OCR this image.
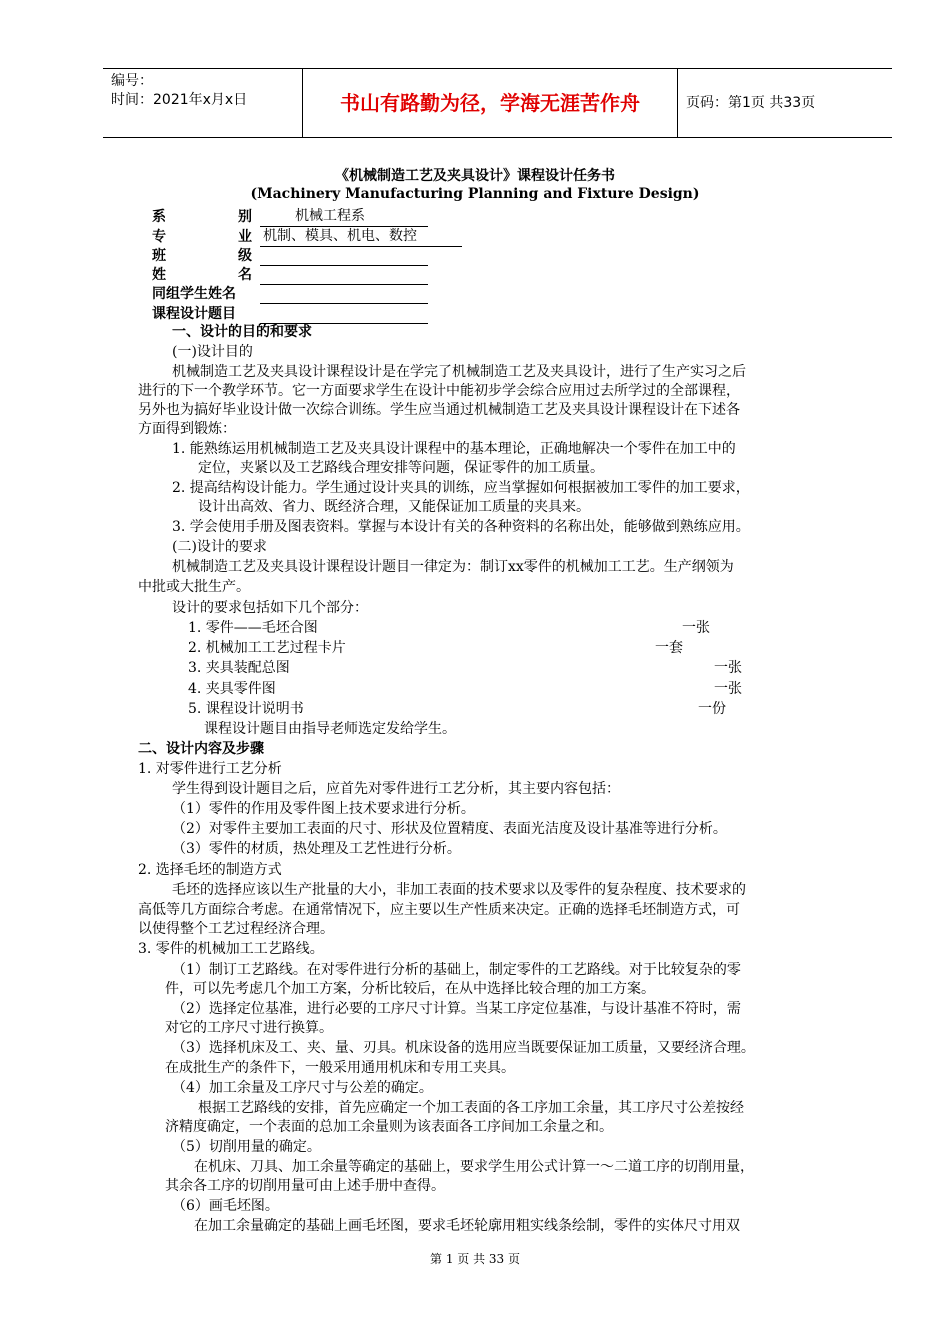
编号：
时间：2021年x月x日	书山有路勤为径，学海无涯苦作舟	页码：第1页 共33页
《机械制造工艺及夹具设计》课程设计任务书
(Machinery Manufacturing Planning and Fixture Design)
系	别	机械工程系
专	业 机制、模具、机电、数控
班	级
姓	名
同组学生姓名
课程设计题目
一、设计的目的和要求
(一)设计目的
机械制造工艺及夹具设计课程设计是在学完了机械制造工艺及夹具设计，进行了生产实习之后
进行的下一个教学环节。它一方面要求学生在设计中能初步学会综合应用过去所学过的全部课程，
另外也为搞好毕业设计做一次综合训练。学生应当通过机械制造工艺及夹具设计课程设计在下述各
方面得到锻炼：
1. 能熟练运用机械制造工艺及夹具设计课程中的基本理论，正确地解决一个零件在加工中的
定位，夹紧以及工艺路线合理安排等问题，保证零件的加工质量。
2. 提高结构设计能力。学生通过设计夹具的训练，应当掌握如何根据被加工零件的加工要求，
设计出高效、省力、既经济合理，又能保证加工质量的夹具来。
3. 学会使用手册及图表资料。掌握与本设计有关的各种资料的名称出处，能够做到熟练应用。
(二)设计的要求
机械制造工艺及夹具设计课程设计题目一律定为：制订xx零件的机械加工工艺。生产纲领为
中批或大批生产。
设计的要求包括如下几个部分：
1. 零件——毛坯合图	一张
2. 机械加工工艺过程卡片	一套
3. 夹具装配总图	一张
4. 夹具零件图	一张
5. 课程设计说明书	一份
课程设计题目由指导老师选定发给学生。
二、设计内容及步骤
1. 对零件进行工艺分析
学生得到设计题目之后，应首先对零件进行工艺分析，其主要内容包括：
（1）零件的作用及零件图上技术要求进行分析。
（2）对零件主要加工表面的尺寸、形状及位置精度、表面光洁度及设计基准等进行分析。
（3）零件的材质，热处理及工艺性进行分析。
2. 选择毛坯的制造方式
毛坯的选择应该以生产批量的大小，非加工表面的技术要求以及零件的复杂程度、技术要求的
高低等几方面综合考虑。在通常情况下，应主要以生产性质来决定。正确的选择毛坯制造方式，可
以使得整个工艺过程经济合理。
3. 零件的机械加工工艺路线。
（1）制订工艺路线。在对零件进行分析的基础上，制定零件的工艺路线。对于比较复杂的零
件，可以先考虑几个加工方案，分析比较后，在从中选择比较合理的加工方案。
（2）选择定位基准，进行必要的工序尺寸计算。当某工序定位基准，与设计基准不符时，需
对它的工序尺寸进行换算。
（3）选择机床及工、夹、量、刃具。机床设备的选用应当既要保证加工质量，又要经济合理。
在成批生产的条件下，一般采用通用机床和专用工夹具。
（4）加工余量及工序尺寸与公差的确定。
根据工艺路线的安排，首先应确定一个加工表面的各工序加工余量，其工序尺寸公差按经
济精度确定，一个表面的总加工余量则为该表面各工序间加工余量之和。
（5）切削用量的确定。
在机床、刀具、加工余量等确定的基础上，要求学生用公式计算一～二道工序的切削用量，
其余各工序的切削用量可由上述手册中查得。
（6）画毛坯图。
在加工余量确定的基础上画毛坯图，要求毛坯轮廓用粗实线条绘制，零件的实体尺寸用双
第 1 页 共 33 页
